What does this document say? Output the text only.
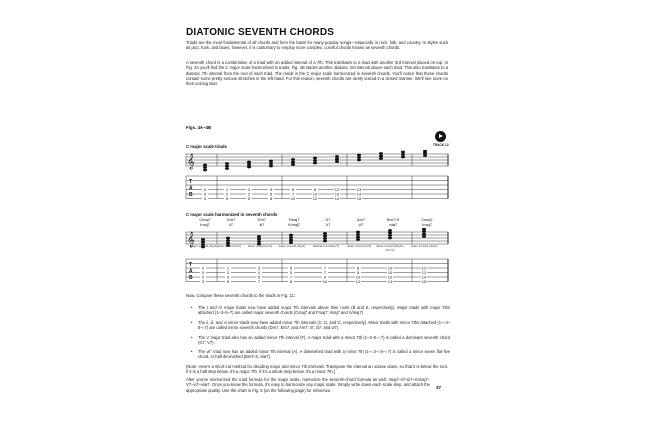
DIATONIC SEVENTH CHORDS

Triads are the most fundamental of all chords and form the basis for many popular songs—especially in rock, folk, and country. In styles such as jazz, funk, and blues, however, it is customary to employ more complex, colorful chords known as seventh chords.

A seventh chord is a combination of a triad with an added interval of a 7th. This translates to a triad with another 3rd interval placed on top. In Fig. 4A you'll find the C major scale harmonized in triads. Fig. 4B stacks another diatonic 3rd interval above each triad. This also translates to a diatonic 7th interval from the root of each triad. The result is the C major scale harmonized in seventh chords. You'll notice that these chords contain some pretty serious stretches in the left hand. For this reason, seventh chords are rarely voiced in a closed manner. We'll see more on their voicing later.

Figs. 4A–4B
TRACK 12
C major scale triads
𝄞
T
A
B
0
0
3
1
2
5
3
2
5
5
5
8
8
7
10
8
10
12
12
10
14
13
14
15
C major scale harmonized in seventh chords
Cmaj7
Imaj7
Dm7
ii7
Em7
iii7
Fmaj7
IVmaj7
G7
V7
Am7
vi7
Bm7♭5
viiø7
Cmaj7
Imaj7
𝄞
major seventh (maj7) minor seventh (m7)	minor seventh (m7)	major seventh (maj7)	dominant seventh (7)	minor seventh (m7)	minor seventh flat-five (m7♭5)
major seventh (maj7)
T
A
B
0
0
2
3
1
2
3
5
3
4
5
7
5
5
7
8
7
7
9
10
8
9
10
12
10
10
12
14
12
12
14
15

Now, compare these seventh chords to the triads in Fig. 1C:

• The I and IV major triads now have added major 7th intervals above their roots (B and E, respectively). Major triads with major 7ths attached (1–3–5–7) are called major seventh chords (Cmaj7 and Fmaj7; Imaj7 and IVmaj7).
• The ii, iii, and vi minor triads now have added minor 7th intervals (C, D, and G, respectively). Minor triads with minor 7ths attached (1–♭3–5–♭7) are called minor seventh chords (Dm7, Em7, and Am7; ii7, iii7, and vi7).
• The V major triad also has an added minor 7th interval (F). A major triad with a minor 7th (1–3–5–♭7) is called a dominant seventh chord (G7; V7).
• The vii° triad now has an added minor 7th interval (A). A diminished triad with a minor 7th (1–♭3–♭5–♭7) is called a minor seven flat-five chord, or half diminished (Bm7♭5; viiø7).

(Note: Here's a short-cut method for deciding major and minor 7th intervals: Transpose the interval an octave down, so that it is below the root. If it is a half step below, it's a major 7th. If it's a whole step below, it's a minor 7th.)

After you've memorized the triad formula for the major scale, memorize the seventh-chord formula as well: Imaj7–ii7–iii7–IVmaj7–V7–vi7–viiø7. Once you know the formula, it's easy to harmonize any major scale. Simply write down each scale step, and attach the appropriate quality. Use the chart in Fig. 5 (on the following page) for reference.

37
